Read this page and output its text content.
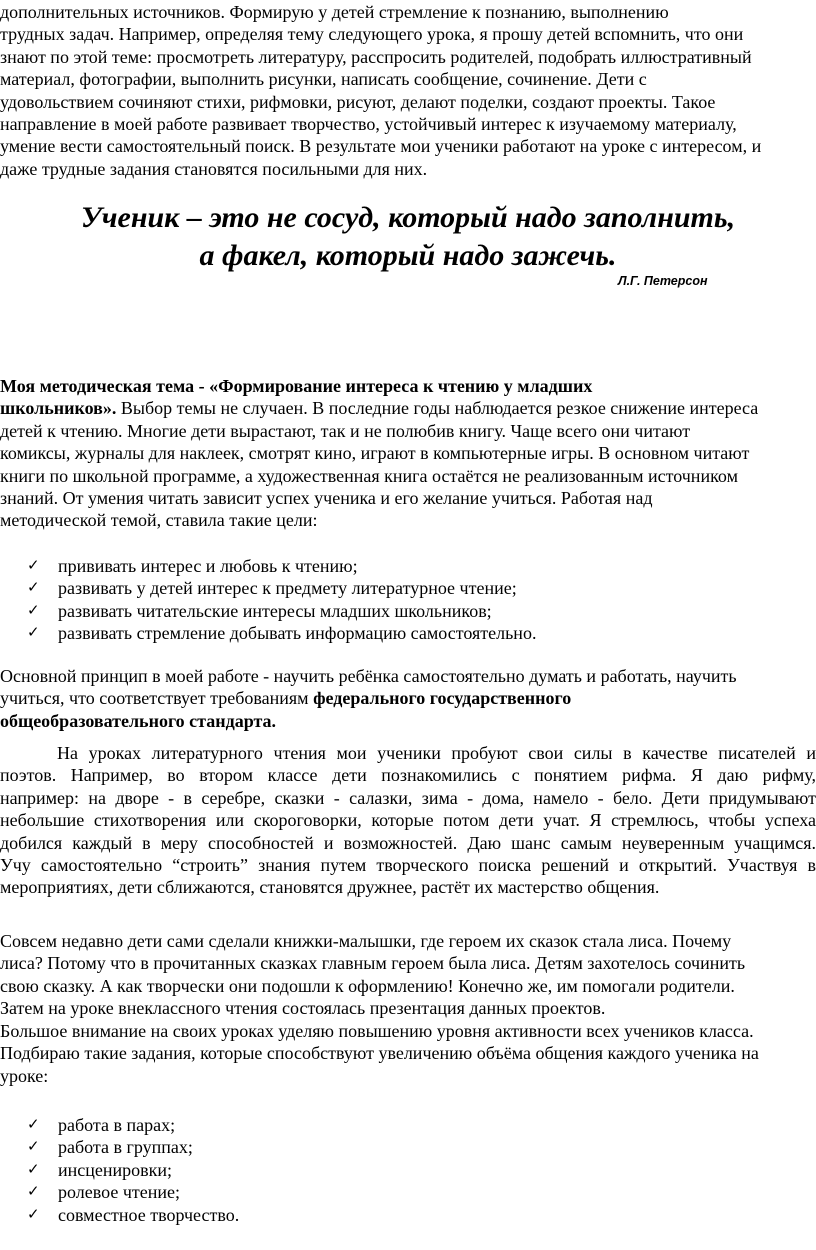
дополнительных источников. Формирую у детей стремление к познанию, выполнению
трудных задач. Например, определяя тему следующего урока, я прошу детей вспомнить, что они
знают по этой теме: просмотреть литературу, расспросить родителей, подобрать иллюстративный
материал, фотографии, выполнить рисунки, написать сообщение, сочинение. Дети с
удовольствием сочиняют стихи, рифмовки, рисуют, делают поделки, создают проекты. Такое
направление в моей работе развивает творчество, устойчивый интерес к изучаемому материалу,
умение вести самостоятельный поиск. В результате мои ученики работают на уроке с интересом, и
даже трудные задания становятся посильными для них.
Ученик – это не сосуд, который надо заполнить,
а факел, который надо зажечь.
Л.Г. Петерсон
Моя методическая тема - «Формирование интереса к чтению у младших
школьников». Выбор темы не случаен. В последние годы наблюдается резкое снижение интереса
детей к чтению. Многие дети вырастают, так и не полюбив книгу. Чаще всего они читают
комиксы, журналы для наклеек, смотрят кино, играют в компьютерные игры. В основном читают
книги по школьной программе, а художественная книга остаётся не реализованным источником
знаний. От умения читать зависит успех ученика и его желание учиться. Работая над
методической темой, ставила такие цели:
✓ прививать интерес и любовь к чтению;
✓ развивать у детей интерес к предмету литературное чтение;
✓ развивать читательские интересы младших школьников;
✓ развивать стремление добывать информацию самостоятельно.
Основной принцип в моей работе - научить ребёнка самостоятельно думать и работать, научить
учиться, что соответствует требованиям федерального государственного
общеобразовательного стандарта.
На уроках литературного чтения мои ученики пробуют свои силы в качестве писателей и
поэтов. Например, во втором классе дети познакомились с понятием рифма. Я даю рифму,
например: на дворе - в серебре, сказки - салазки, зима - дома, намело - бело. Дети придумывают
небольшие стихотворения или скороговорки, которые потом дети учат. Я стремлюсь, чтобы успеха
добился каждый в меру способностей и возможностей. Даю шанс самым неуверенным учащимся.
Учу самостоятельно “строить” знания путем творческого поиска решений и открытий. Участвуя в
мероприятиях, дети сближаются, становятся дружнее, растёт их мастерство общения.
Совсем недавно дети сами сделали книжки-малышки, где героем их сказок стала лиса. Почему
лиса? Потому что в прочитанных сказках главным героем была лиса. Детям захотелось сочинить
свою сказку. А как творчески они подошли к оформлению! Конечно же, им помогали родители.
Затем на уроке внеклассного чтения состоялась презентация данных проектов.
Большое внимание на своих уроках уделяю повышению уровня активности всех учеников класса.
Подбираю такие задания, которые способствуют увеличению объёма общения каждого ученика на
уроке:
✓ работа в парах;
✓ работа в группах;
✓ инсценировки;
✓ ролевое чтение;
✓ совместное творчество.
